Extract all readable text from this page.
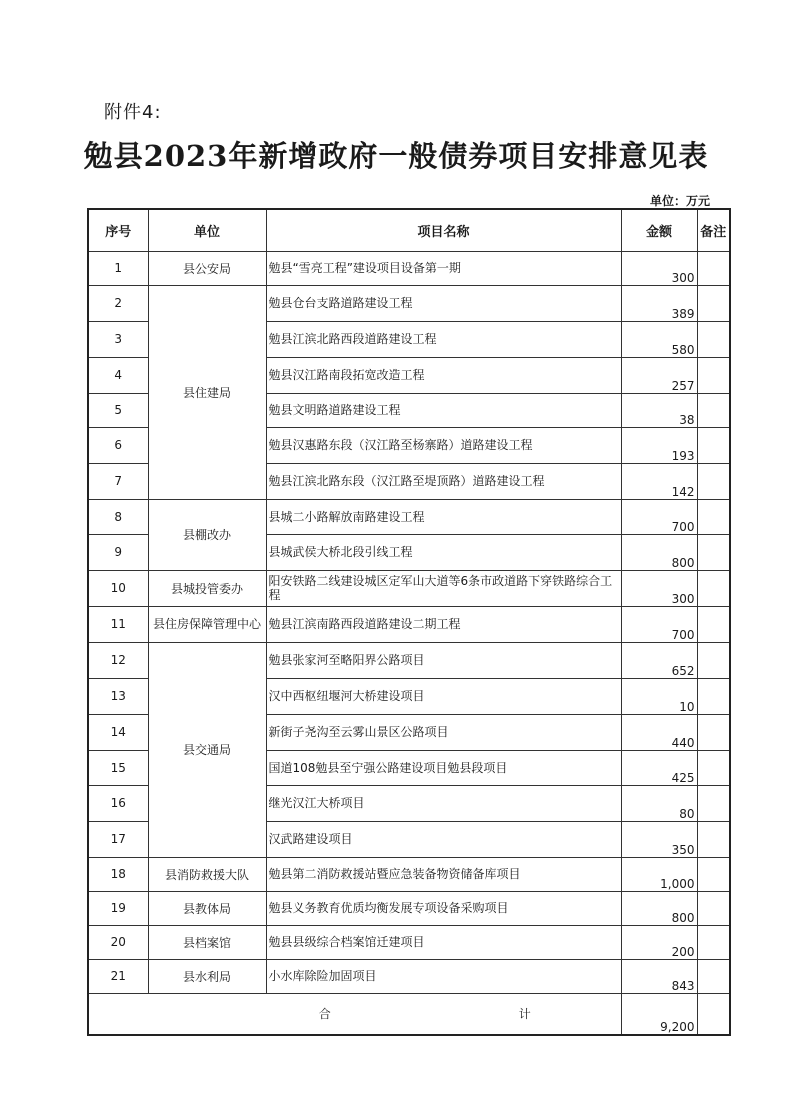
附件4:
勉县2023年新增政府一般债券项目安排意见表
单位：万元
序号	单位	项目名称	金额	备注
1	县公安局	勉县“雪亮工程”建设项目设备第一期	300	
2	县住建局	勉县仓台支路道路建设工程	389	
3		勉县江滨北路西段道路建设工程	580	
4		勉县汉江路南段拓宽改造工程	257	
5		勉县文明路道路建设工程	38	
6		勉县汉惠路东段（汉江路至杨寨路）道路建设工程	193	
7		勉县江滨北路东段（汉江路至堤顶路）道路建设工程	142	
8	县棚改办	县城二小路解放南路建设工程	700	
9		县城武侯大桥北段引线工程	800	
10	县城投管委办	阳安铁路二线建设城区定军山大道等6条市政道路下穿铁路综合工程	300	
11	县住房保障管理中心	勉县江滨南路西段道路建设二期工程	700	
12	县交通局	勉县张家河至略阳界公路项目	652	
13		汉中西枢纽堰河大桥建设项目	10	
14		新街子尧沟至云雾山景区公路项目	440	
15		国道108勉县至宁强公路建设项目勉县段项目	425	
16		继光汉江大桥项目	80	
17		汉武路建设项目	350	
18	县消防救援大队	勉县第二消防救援站暨应急装备物资储备库项目	1,000	
19	县教体局	勉县义务教育优质均衡发展专项设备采购项目	800	
20	县档案馆	勉县县级综合档案馆迁建项目	200	
21	县水利局	小水库除险加固项目	843	
合 计			9,200	
